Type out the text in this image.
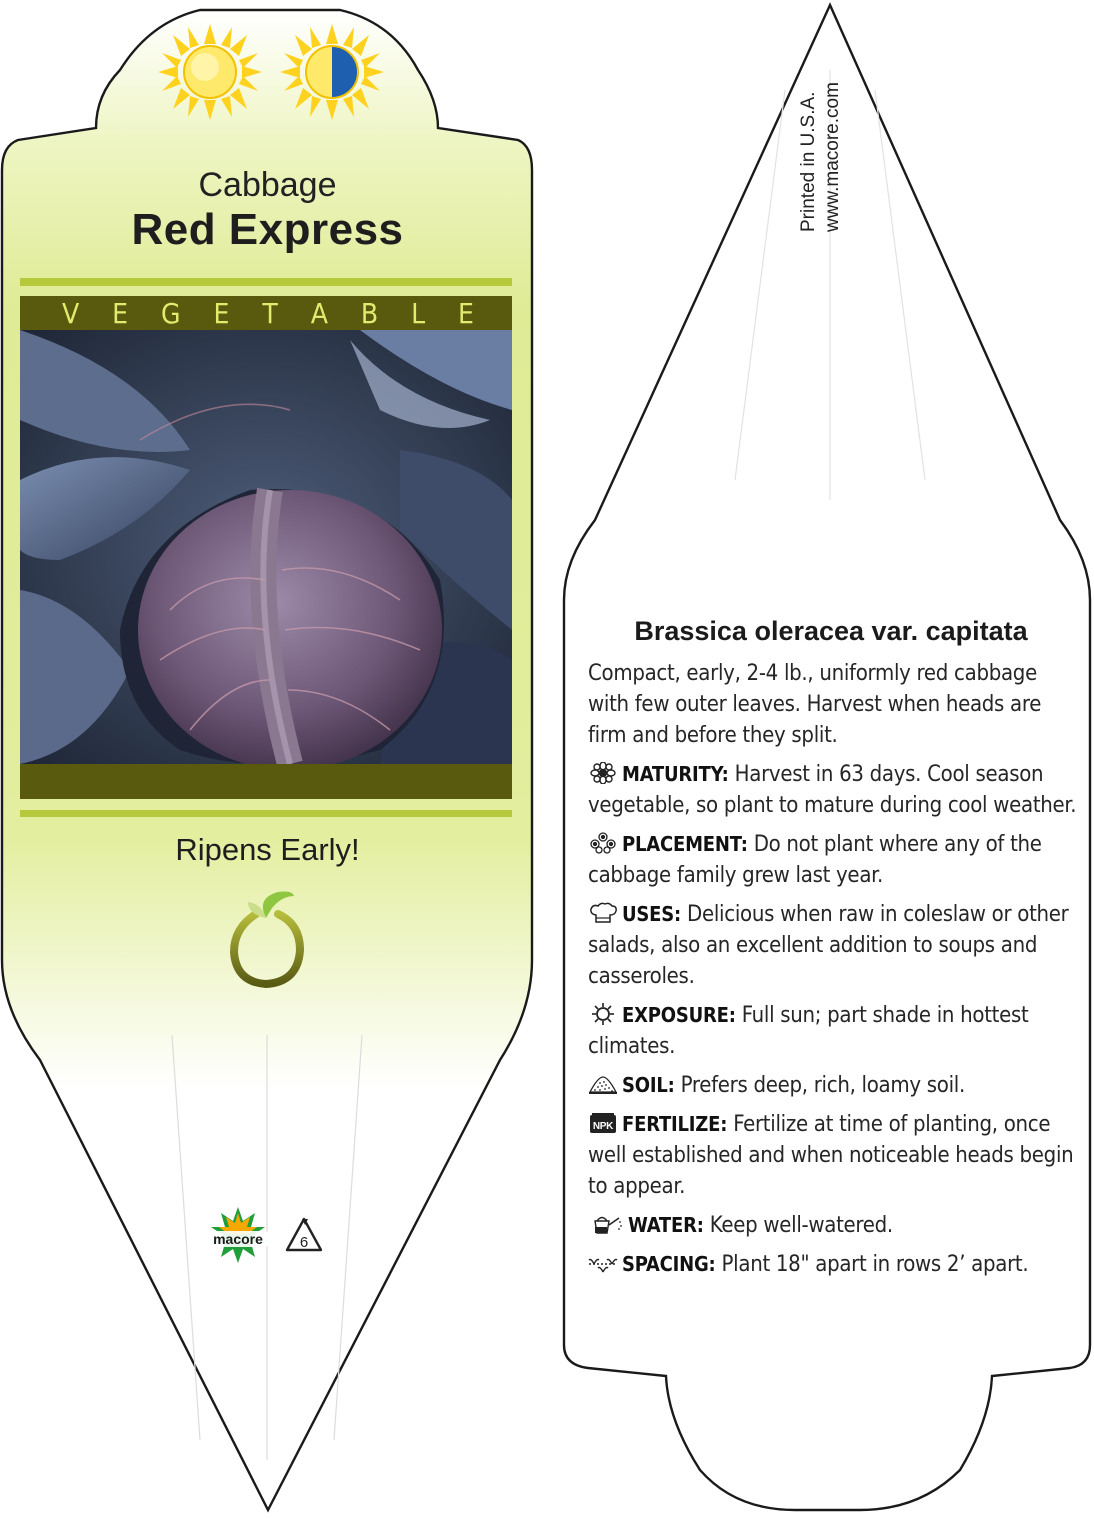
Cabbage
Red Express
V E G E T A B L E
Ripens Early!
macore 6
Printed in U.S.A. www.macore.com
Brassica oleracea var. capitata
Compact, early, 2-4 lb., uniformly red cabbage with few outer leaves. Harvest when heads are firm and before they split.
MATURITY: Harvest in 63 days. Cool season vegetable, so plant to mature during cool weather.
PLACEMENT: Do not plant where any of the cabbage family grew last year.
USES: Delicious when raw in coleslaw or other salads, also an excellent addition to soups and casseroles.
EXPOSURE: Full sun; part shade in hottest climates.
SOIL: Prefers deep, rich, loamy soil.
NPK FERTILIZE: Fertilize at time of planting, once well established and when noticeable heads begin to appear.
WATER: Keep well-watered.
SPACING: Plant 18" apart in rows 2’ apart.
